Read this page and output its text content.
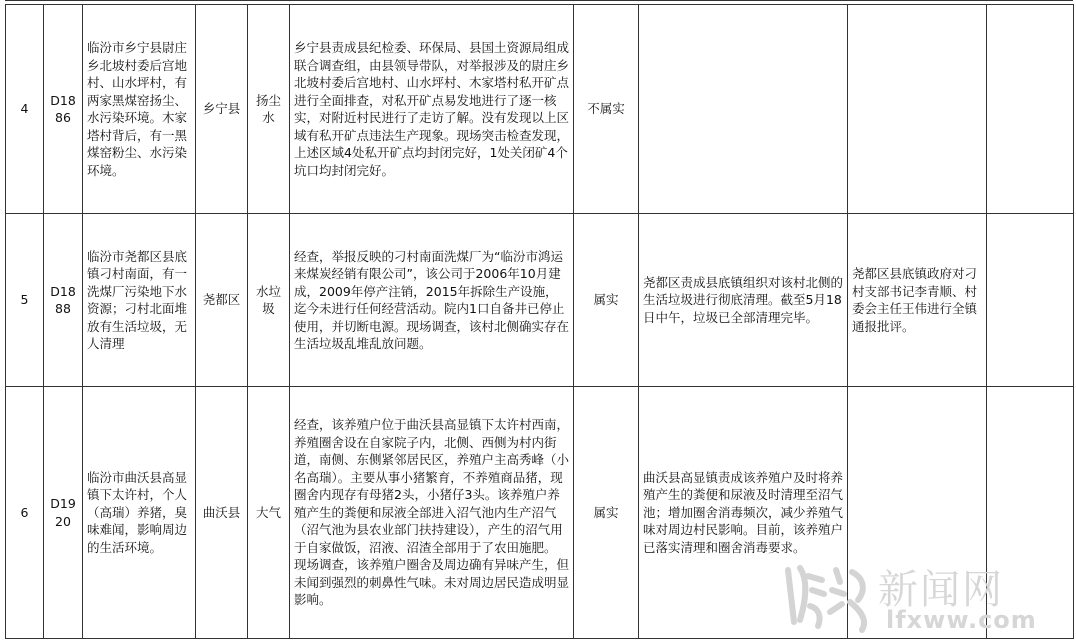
4	D1886	临汾市乡宁县尉庄乡北坡村委后宫地村、山水坪村，有两家黑煤窑扬尘、水污染环境。木家塔村背后，有一黑煤窑粉尘、水污染环境。	乡宁县	扬尘水	乡宁县责成县纪检委、环保局、县国土资源局组成联合调查组，由县领导带队，对举报涉及的尉庄乡北坡村委后宫地村、山水坪村、木家塔村私开矿点进行全面排查，对私开矿点易发地进行了逐一核实，对附近村民进行了走访了解。没有发现以上区域有私开矿点违法生产现象。现场突击检查发现，上述区域4处私开矿点均封闭完好，1处关闭矿4个坑口均封闭完好。	不属实			
5	D1888	临汾市尧都区县底镇刁村南面，有一洗煤厂污染地下水资源；刁村北面堆放有生活垃圾，无人清理	尧都区	水垃圾	经查，举报反映的刁村南面洗煤厂为“临汾市鸿运来煤炭经销有限公司”，该公司于2006年10月建成，2009年停产注销，2015年拆除生产设施，迄今未进行任何经营活动。院内1口自备井已停止使用，并切断电源。现场调查，该村北侧确实存在生活垃圾乱堆乱放问题。	属实	尧都区责成县底镇组织对该村北侧的生活垃圾进行彻底清理。截至5月18日中午，垃圾已全部清理完毕。	尧都区县底镇政府对刁村支部书记李青顺、村委会主任王伟进行全镇通报批评。	
6	D1920	临汾市曲沃县高显镇下太许村，个人（高瑞）养猪，臭味难闻，影响周边的生活环境。	曲沃县	大气	经查，该养殖户位于曲沃县高显镇下太许村西南，养殖圈舍设在自家院子内，北侧、西侧为村内街道，南侧、东侧紧邻居民区，养殖户主高秀峰（小名高瑞）。主要从事小猪繁育，不养殖商品猪，现圈舍内现存有母猪2头，小猪仔3头。该养殖户养殖产生的粪便和尿液全部进入沼气池内生产沼气（沼气池为县农业部门扶持建设），产生的沼气用于自家做饭，沼液、沼渣全部用于了农田施肥。
现场调查，该养殖户圈舍及周边确有异味产生，但未闻到强烈的刺鼻性气味。未对周边居民造成明显影响。	属实	曲沃县高显镇责成该养殖户及时将养殖产生的粪便和尿液及时清理至沼气池；增加圈舍消毒频次，减少养殖气味对周边村民影响。目前，该养殖户已落实清理和圈舍消毒要求。		
新闻网
lfxww.com
